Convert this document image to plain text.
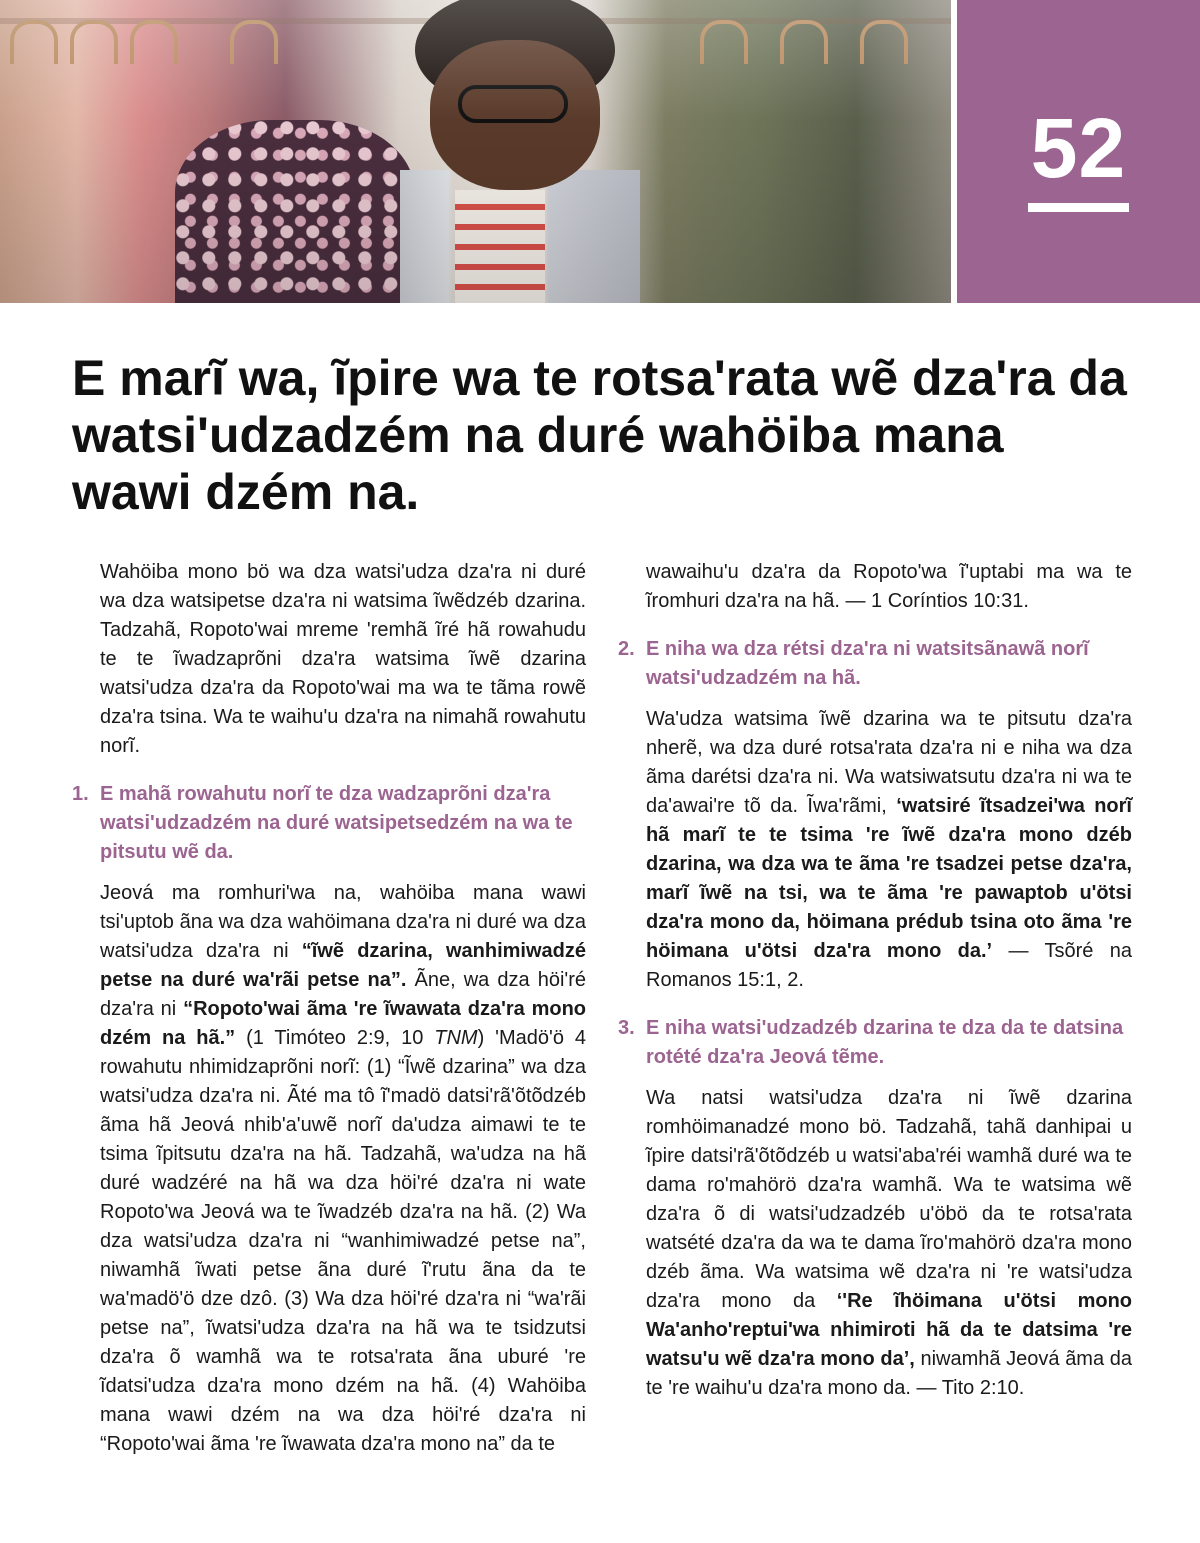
52
E marĩ wa, ĩpire wa te rotsa'rata wẽ dza'ra da watsi'udzadzém na duré wahöiba mana wawi dzém na.

Wahöiba mono bö wa dza watsi'udza dza'ra ni duré wa dza watsipetse dza'ra ni watsima ĩwẽdzéb dzarina. Tadzahã, Ropoto'wai mreme 'remhã ĩré hã rowahudu te te ĩwadzaprõni dza'ra watsima ĩwẽ dzarina watsi'udza dza'ra da Ropoto'wai ma wa te tãma rowẽ dza'ra tsina. Wa te waihu'u dza'ra na nimahã rowahutu norĩ.

1. E mahã rowahutu norĩ te dza wadzaprõni dza'ra watsi'udzadzém na duré watsipetsedzém na wa te pitsutu wẽ da.

Jeová ma romhuri'wa na, wahöiba mana wawi tsi'uptob ãna wa dza wahöimana dza'ra ni duré wa dza watsi'udza dza'ra ni “ĩwẽ dzarina, wanhimiwadzé petse na duré wa'rãi petse na”. Ãne, wa dza höi'ré dza'ra ni “Ropoto'wai ãma 're ĩwawata dza'ra mono dzém na hã.” (1 Timóteo 2:9, 10 TNM) 'Madö'ö 4 rowahutu nhimidzaprõni norĩ: (1) “Ĩwẽ dzarina” wa dza watsi'udza dza'ra ni. Ãté ma tô ĩ'madö datsi'rã'õtõdzéb ãma hã Jeová nhib'a'uwẽ norĩ da'udza aimawi te te tsima ĩpitsutu dza'ra na hã. Tadzahã, wa'udza na hã duré wadzéré na hã wa dza höi'ré dza'ra ni wate Ropoto'wa Jeová wa te ĩwadzéb dza'ra na hã. (2) Wa dza watsi'udza dza'ra ni “wanhimiwadzé petse na”, niwamhã ĩwati petse ãna duré ĩ'rutu ãna da te wa'madö'ö dze dzô. (3) Wa dza höi'ré dza'ra ni “wa'rãi petse na”, ĩwatsi'udza dza'ra na hã wa te tsidzutsi dza'ra õ wamhã wa te rotsa'rata ãna uburé 're ĩdatsi'udza dza'ra mono dzém na hã. (4) Wahöiba mana wawi dzém na wa dza höi'ré dza'ra ni “Ropoto'wai ãma 're ĩwawata dza'ra mono na” da te

wawaihu'u dza'ra da Ropoto'wa ĩ'uptabi ma wa te ĩromhuri dza'ra na hã. — 1 Coríntios 10:31.

2. E niha wa dza rétsi dza'ra ni watsitsãnawã norĩ watsi'udzadzém na hã.

Wa'udza watsima ĩwẽ dzarina wa te pitsutu dza'ra nherẽ, wa dza duré rotsa'rata dza'ra ni e niha wa dza ãma darétsi dza'ra ni. Wa watsiwatsutu dza'ra ni wa te da'awai're tõ da. Ĩwa'rãmi, ‘watsiré ĩtsadzei'wa norĩ hã marĩ te te tsima 're ĩwẽ dza'ra mono dzéb dzarina, wa dza wa te ãma 're tsadzei petse dza'ra, marĩ ĩwẽ na tsi, wa te ãma 're pawaptob u'ötsi dza'ra mono da, höimana prédub tsina oto ãma 're höimana u'ötsi dza'ra mono da.’ — Tsõré na Romanos 15:1, 2.

3. E niha watsi'udzadzéb dzarina te dza da te datsina rotété dza'ra Jeová tẽme.

Wa natsi watsi'udza dza'ra ni ĩwẽ dzarina romhöimanadzé mono bö. Tadzahã, tahã danhipai u ĩpire datsi'rã'õtõdzéb u watsi'aba'réi wamhã duré wa te dama ro'mahörö dza'ra wamhã. Wa te watsima wẽ dza'ra õ di watsi'udzadzéb u'öbö da te rotsa'rata watsété dza'ra da wa te dama ĩro'mahörö dza'ra mono dzéb ãma. Wa watsima wẽ dza'ra ni 're watsi'udza dza'ra mono da ‘'Re ĩhöimana u'ötsi mono Wa'anho'reptui'wa nhimiroti hã da te datsima 're watsu'u wẽ dza'ra mono da’, niwamhã Jeová ãma da te 're waihu'u dza'ra mono da. — Tito 2:10.
